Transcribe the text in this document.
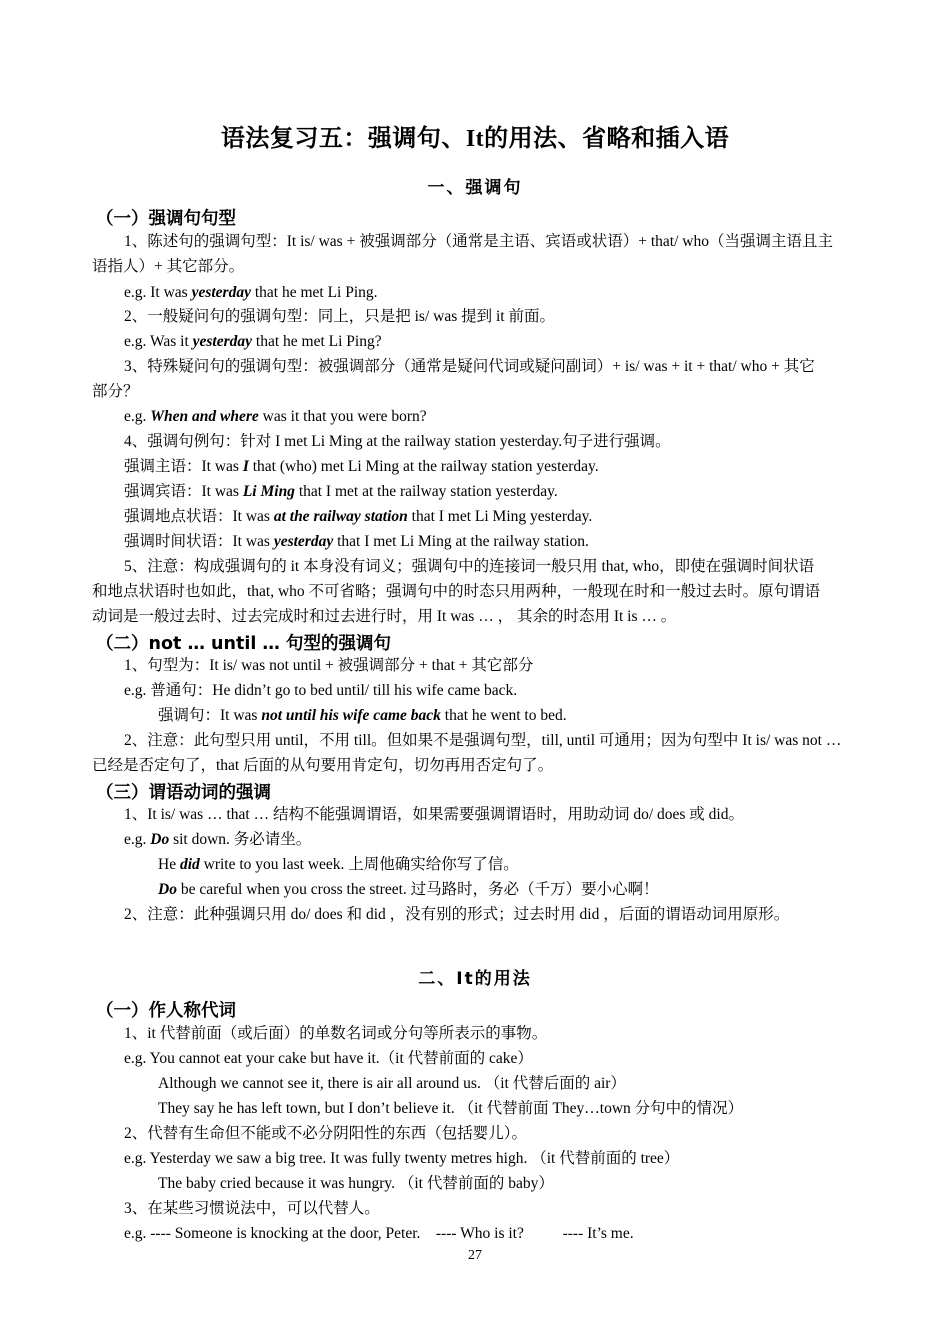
语法复习五：强调句、It的用法、省略和插入语
一、强调句
（一）强调句句型
1、陈述句的强调句型：It is/ was + 被强调部分（通常是主语、宾语或状语）+ that/ who（当强调主语且主
语指人）+ 其它部分。
e.g. It was yesterday that he met Li Ping.
2、一般疑问句的强调句型：同上，只是把 is/ was 提到 it 前面。
e.g. Was it yesterday that he met Li Ping?
3、特殊疑问句的强调句型：被强调部分（通常是疑问代词或疑问副词）+ is/ was + it + that/ who + 其它
部分？
e.g. When and where was it that you were born?
4、强调句例句：针对 I met Li Ming at the railway station yesterday.句子进行强调。
强调主语：It was I that (who) met Li Ming at the railway station yesterday.
强调宾语：It was Li Ming that I met at the railway station yesterday.
强调地点状语：It was at the railway station that I met Li Ming yesterday.
强调时间状语：It was yesterday that I met Li Ming at the railway station.
5、注意：构成强调句的 it 本身没有词义；强调句中的连接词一般只用 that, who，即使在强调时间状语
和地点状语时也如此，that, who 不可省略；强调句中的时态只用两种，一般现在时和一般过去时。原句谓语
动词是一般过去时、过去完成时和过去进行时，用 It was … ， 其余的时态用 It is … 。
（二）not … until … 句型的强调句
1、句型为：It is/ was not until + 被强调部分 + that + 其它部分
e.g. 普通句：He didn’t go to bed until/ till his wife came back.
强调句：It was not until his wife came back that he went to bed.
2、注意：此句型只用 until，不用 till。但如果不是强调句型，till, until 可通用；因为句型中 It is/ was not …
已经是否定句了，that 后面的从句要用肯定句，切勿再用否定句了。
（三）谓语动词的强调
1、It is/ was … that … 结构不能强调谓语，如果需要强调谓语时，用助动词 do/ does 或 did。
e.g. Do sit down. 务必请坐。
He did write to you last week. 上周他确实给你写了信。
Do be careful when you cross the street. 过马路时，务必（千万）要小心啊！
2、注意：此种强调只用 do/ does 和 did ，没有别的形式；过去时用 did ，后面的谓语动词用原形。
二、It的用法
（一）作人称代词
1、it 代替前面（或后面）的单数名词或分句等所表示的事物。
e.g. You cannot eat your cake but have it.（it 代替前面的 cake）
Although we cannot see it, there is air all around us. （it 代替后面的 air）
They say he has left town, but I don’t believe it. （it 代替前面 They…town 分句中的情况）
2、代替有生命但不能或不必分阴阳性的东西（包括婴儿）。
e.g. Yesterday we saw a big tree. It was fully twenty metres high. （it 代替前面的 tree）
The baby cried because it was hungry. （it 代替前面的 baby）
3、在某些习惯说法中，可以代替人。
e.g. ---- Someone is knocking at the door, Peter.    ---- Who is it?          ---- It’s me.
27
